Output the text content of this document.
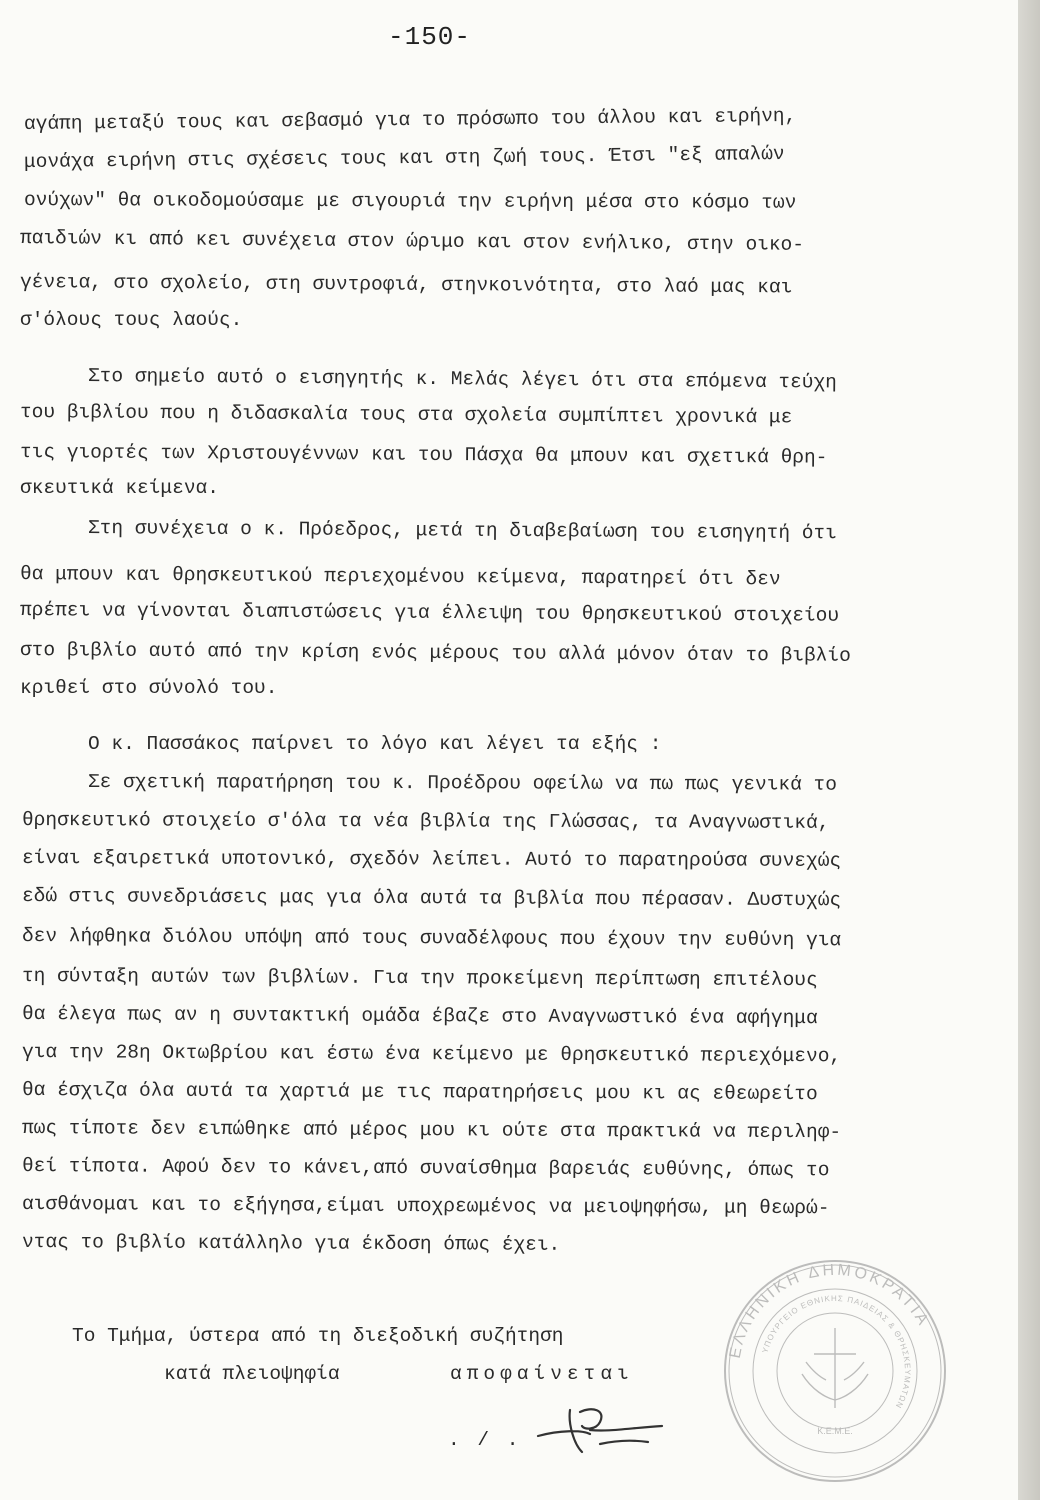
-150-
αγάπη μεταξύ τους και σεβασμό για το πρόσωπο του άλλου και ειρήνη,
μονάχα ειρήνη στις σχέσεις τους και στη ζωή τους. Έτσι "εξ απαλών
ονύχων" θα οικοδομούσαμε με σιγουριά την ειρήνη μέσα στο κόσμο των
παιδιών κι από κει συνέχεια στον ώριμο και στον ενήλικο, στην οικο-
γένεια, στο σχολείο, στη συντροφιά, στηνκοινότητα, στο λαό μας και
σ'όλους τους λαούς.
Στο σημείο αυτό ο εισηγητής κ. Μελάς λέγει ότι στα επόμενα τεύχη
του βιβλίου που η διδασκαλία τους στα σχολεία συμπίπτει χρονικά με
τις γιορτές των Χριστουγέννων και του Πάσχα θα μπουν και σχετικά θρη-
σκευτικά κείμενα.
Στη συνέχεια ο κ. Πρόεδρος, μετά τη διαβεβαίωση του εισηγητή ότι
θα μπουν και θρησκευτικού περιεχομένου κείμενα, παρατηρεί ότι δεν
πρέπει να γίνονται διαπιστώσεις για έλλειψη του θρησκευτικού στοιχείου
στο βιβλίο αυτό από την κρίση ενός μέρους του αλλά μόνον όταν το βιβλίο
κριθεί στο σύνολό του.
Ο κ. Πασσάκος παίρνει το λόγο και λέγει τα εξής :
Σε σχετική παρατήρηση του κ. Προέδρου οφείλω να πω πως γενικά το
θρησκευτικό στοιχείο σ'όλα τα νέα βιβλία της Γλώσσας, τα Αναγνωστικά,
είναι εξαιρετικά υποτονικό, σχεδόν λείπει. Αυτό το παρατηρούσα συνεχώς
εδώ στις συνεδριάσεις μας για όλα αυτά τα βιβλία που πέρασαν. Δυστυχώς
δεν λήφθηκα διόλου υπόψη από τους συναδέλφους που έχουν την ευθύνη για
τη σύνταξη αυτών των βιβλίων. Για την προκείμενη περίπτωση επιτέλους
θα έλεγα πως αν η συντακτική ομάδα έβαζε στο Αναγνωστικό ένα αφήγημα
για την 28η Οκτωβρίου και έστω ένα κείμενο με θρησκευτικό περιεχόμενο,
θα έσχιζα όλα αυτά τα χαρτιά με τις παρατηρήσεις μου κι ας εθεωρείτο
πως τίποτε δεν ειπώθηκε από μέρος μου κι ούτε στα πρακτικά να περιληφ-
θεί τίποτα. Αφού δεν το κάνει,από συναίσθημα βαρειάς ευθύνης, όπως το
αισθάνομαι και το εξήγησα,είμαι υποχρεωμένος να μειοψηφήσω, μη θεωρώ-
ντας το βιβλίο κατάλληλο για έκδοση όπως έχει.
Το Τμήμα, ύστερα από τη διεξοδική συζήτηση
κατά πλειοψηφία	αποφαίνεται
. / .
ΕΛΛΗΝΙΚΗ ΔΗΜΟΚΡΑΤΙΑ
ΥΠΟΥΡΓΕΙΟ ΕΘΝΙΚΗΣ ΠΑΙΔΕΙΑΣ & ΘΡΗΣΚΕΥΜΑΤΩΝ
Κ.Ε.Μ.Ε.
